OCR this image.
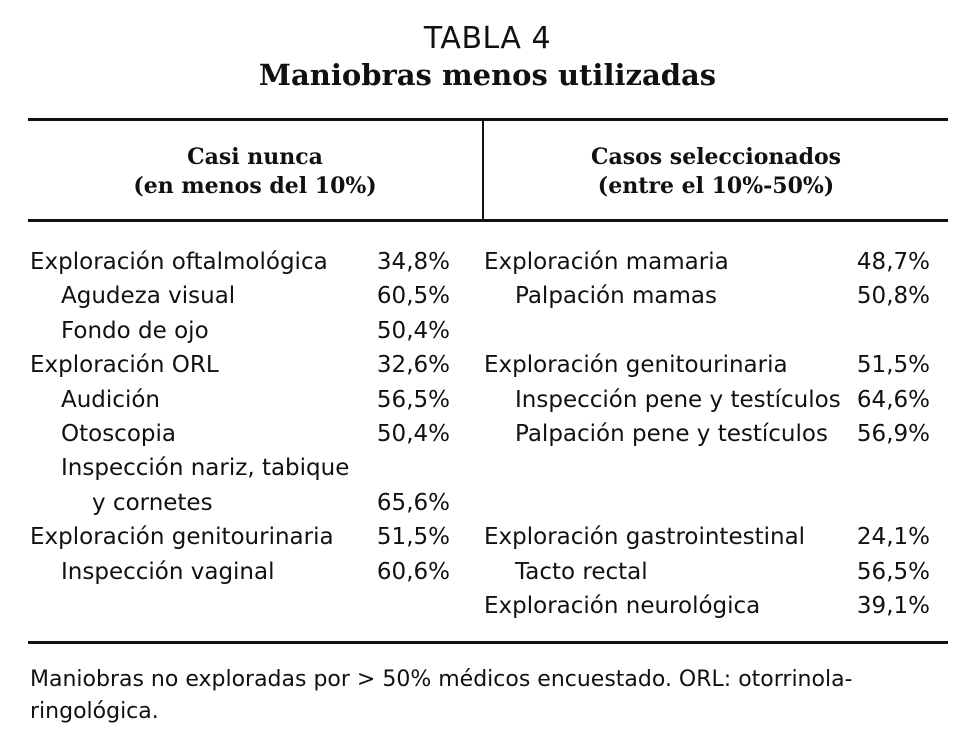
TABLA 4
Maniobras menos utilizadas
Casi nunca
(en menos del 10%)
Casos seleccionados
(entre el 10%-50%)
Exploración oftalmológica 34,8%
Agudeza visual	60,5%
Fondo de ojo	50,4%
Exploración ORL	32,6%
Audición	56,5%
Otoscopia	50,4%
Inspección nariz, tabique
y cornetes	65,6%
Exploración genitourinaria 51,5%
Inspección vaginal	60,6%
Exploración mamaria	48,7%
Palpación mamas	50,8%
Exploración genitourinaria	51,5%
Inspección pene y testículos 64,6%
Palpación pene y testículos 56,9%
Exploración gastrointestinal 24,1%
Tacto rectal	56,5%
Exploración neurológica	39,1%
Maniobras no exploradas por > 50% médicos encuestado. ORL: otorrinola-ringológica.
